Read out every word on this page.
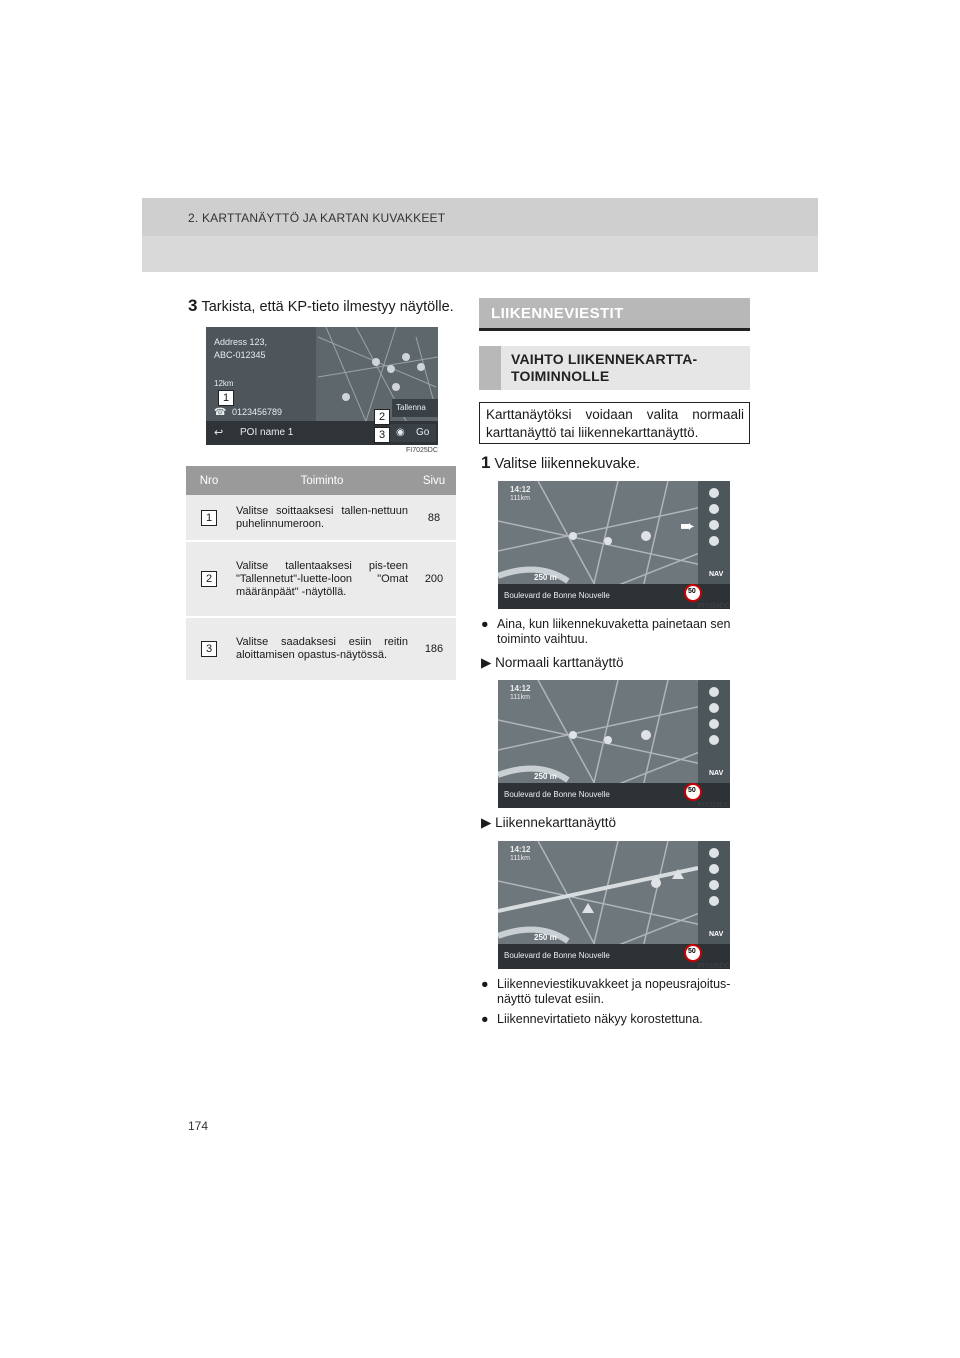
2. KARTTANÄYTTÖ JA KARTAN KUVAKKEET
3 Tarkista, että KP-tieto ilmestyy näytölle.
Address 123,
ABC-012345
12km
☎ 0123456789
↩ POI name 1
Tallenna
◉ Go
1
2
3
FI7025DC
Nro	Toiminto	Sivu
1	Valitse soittaaksesi tallen-nettuun puhelinnumeroon.	88
2	Valitse tallentaaksesi pis-teen "Tallennetut"-luette-loon "Omat määränpäät" -näytöllä.	200
3	Valitse saadaksesi esiin reitin aloittamisen opastus-näytössä.	186
LIIKENNEVIESTIT
VAIHTO LIIKENNEKARTTA-
TOIMINNOLLE
Karttanäytöksi voidaan valita normaali karttanäyttö tai liikennekarttanäyttö.
1 Valitse liikennekuvake.
14:12
111km
250 m
Boulevard de Bonne Nouvelle
NAV
50
➨
FI7024DC
● Aina, kun liikennekuvaketta painetaan sen toiminto vaihtuu.
▶ Normaali karttanäyttö
14:12
111km
250 m
Boulevard de Bonne Nouvelle
NAV
50
FI7024DC
▶ Liikennekarttanäyttö
14:12
111km
250 m
Boulevard de Bonne Nouvelle
NAV
50
FI7026DC
● Liikenneviestikuvakkeet ja nopeusrajoitus-näyttö tulevat esiin.
● Liikennevirtatieto näkyy korostettuna.
174
